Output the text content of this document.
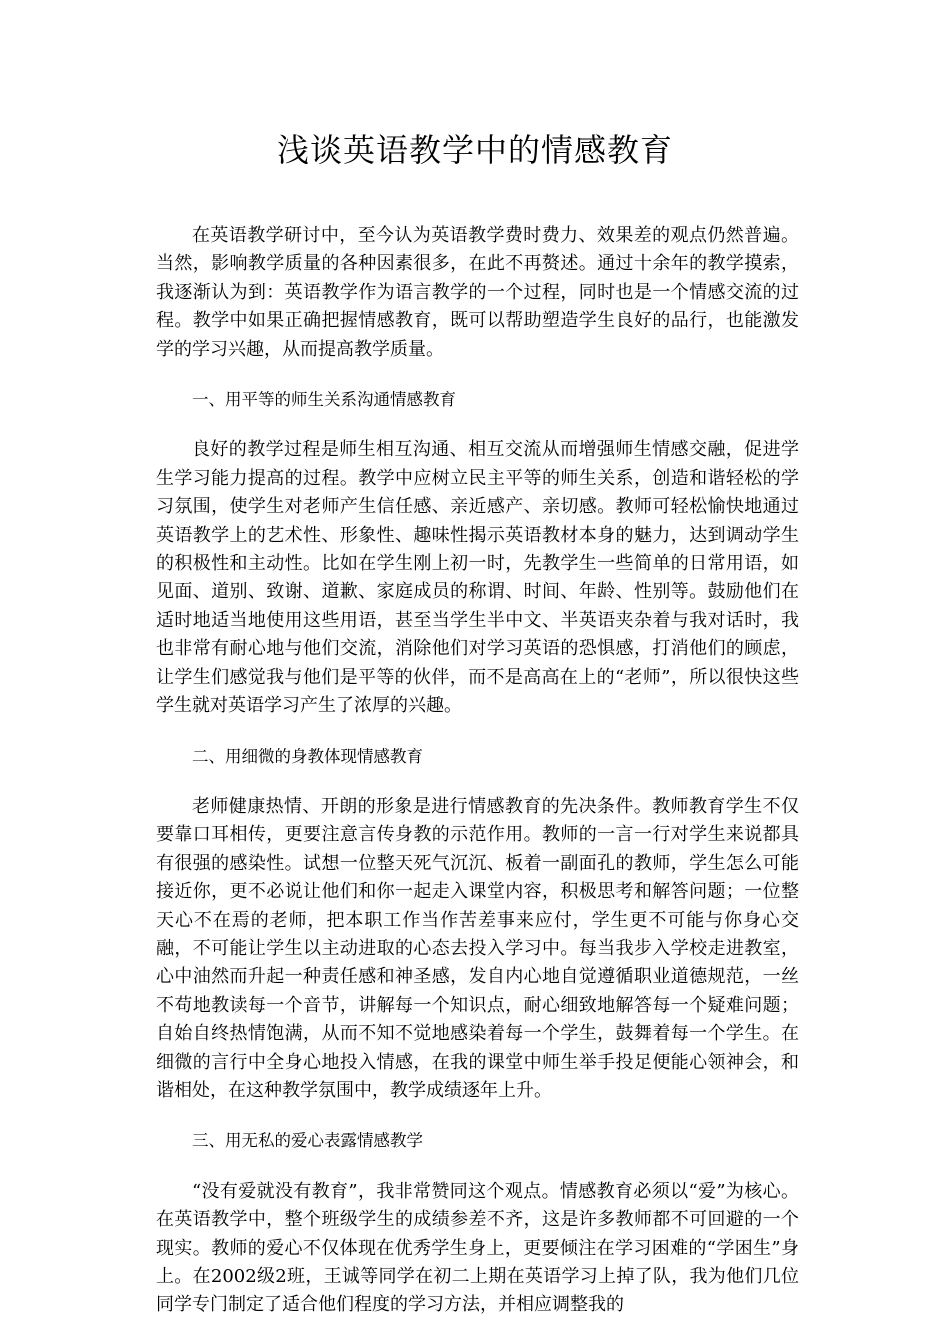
浅谈英语教学中的情感教育

在英语教学研讨中，至今认为英语教学费时费力、效果差的观点仍然普遍。当然，影响教学质量的各种因素很多，在此不再赘述。通过十余年的教学摸索，我逐渐认为到：英语教学作为语言教学的一个过程，同时也是一个情感交流的过程。教学中如果正确把握情感教育，既可以帮助塑造学生良好的品行，也能激发学的学习兴趣，从而提高教学质量。

一、用平等的师生关系沟通情感教育

良好的教学过程是师生相互沟通、相互交流从而增强师生情感交融，促进学生学习能力提高的过程。教学中应树立民主平等的师生关系，创造和谐轻松的学习氛围，使学生对老师产生信任感、亲近感产、亲切感。教师可轻松愉快地通过英语教学上的艺术性、形象性、趣味性揭示英语教材本身的魅力，达到调动学生的积极性和主动性。比如在学生刚上初一时，先教学生一些简单的日常用语，如见面、道别、致谢、道歉、家庭成员的称谓、时间、年龄、性别等。鼓励他们在适时地适当地使用这些用语，甚至当学生半中文、半英语夹杂着与我对话时，我也非常有耐心地与他们交流，消除他们对学习英语的恐惧感，打消他们的顾虑，让学生们感觉我与他们是平等的伙伴，而不是高高在上的“老师”，所以很快这些学生就对英语学习产生了浓厚的兴趣。

二、用细微的身教体现情感教育

老师健康热情、开朗的形象是进行情感教育的先决条件。教师教育学生不仅要靠口耳相传，更要注意言传身教的示范作用。教师的一言一行对学生来说都具有很强的感染性。试想一位整天死气沉沉、板着一副面孔的教师，学生怎么可能接近你，更不必说让他们和你一起走入课堂内容，积极思考和解答问题；一位整天心不在焉的老师，把本职工作当作苦差事来应付，学生更不可能与你身心交融，不可能让学生以主动进取的心态去投入学习中。每当我步入学校走进教室，心中油然而升起一种责任感和神圣感，发自内心地自觉遵循职业道德规范，一丝不苟地教读每一个音节，讲解每一个知识点，耐心细致地解答每一个疑难问题；自始自终热情饱满，从而不知不觉地感染着每一个学生，鼓舞着每一个学生。在细微的言行中全身心地投入情感，在我的课堂中师生举手投足便能心领神会，和谐相处，在这种教学氛围中，教学成绩逐年上升。

三、用无私的爱心表露情感教学

“没有爱就没有教育”，我非常赞同这个观点。情感教育必须以“爱”为核心。在英语教学中，整个班级学生的成绩参差不齐，这是许多教师都不可回避的一个现实。教师的爱心不仅体现在优秀学生身上，更要倾注在学习困难的“学困生”身上。在2002级2班，王诚等同学在初二上期在英语学习上掉了队，我为他们几位同学专门制定了适合他们程度的学习方法，并相应调整我的
